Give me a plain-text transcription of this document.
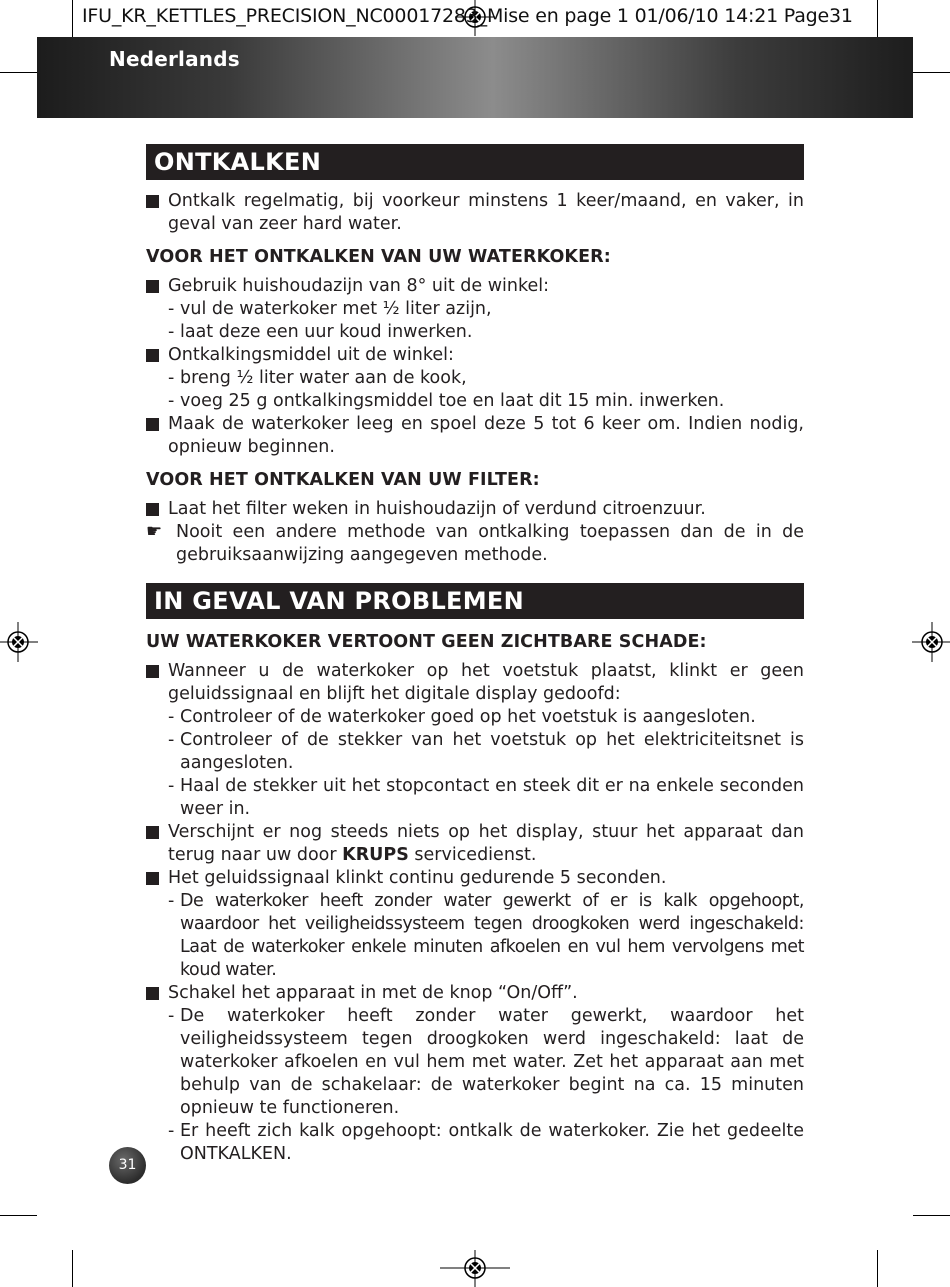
IFU_KR_KETTLES_PRECISION_NC00017283_Mise en page 1 01/06/10 14:21 Page31
Nederlands
ONTKALKEN
Ontkalk regelmatig, bij voorkeur minstens 1 keer/maand, en vaker, in geval van zeer hard water.
VOOR HET ONTKALKEN VAN UW WATERKOKER:
Gebruik huishoudazijn van 8° uit de winkel:
- vul de waterkoker met ½ liter azijn,
- laat deze een uur koud inwerken.
Ontkalkingsmiddel uit de winkel:
- breng ½ liter water aan de kook,
- voeg 25 g ontkalkingsmiddel toe en laat dit 15 min. inwerken.
Maak de waterkoker leeg en spoel deze 5 tot 6 keer om. Indien nodig, opnieuw beginnen.
VOOR HET ONTKALKEN VAN UW FILTER:
Laat het filter weken in huishoudazijn of verdund citroenzuur.
☛ Nooit een andere methode van ontkalking toepassen dan de in de gebruiksaanwijzing aangegeven methode.
IN GEVAL VAN PROBLEMEN
UW WATERKOKER VERTOONT GEEN ZICHTBARE SCHADE:
Wanneer u de waterkoker op het voetstuk plaatst, klinkt er geen geluidssignaal en blijft het digitale display gedoofd:
- Controleer of de waterkoker goed op het voetstuk is aangesloten.
- Controleer of de stekker van het voetstuk op het elektriciteitsnet is aangesloten.
- Haal de stekker uit het stopcontact en steek dit er na enkele seconden weer in.
Verschijnt er nog steeds niets op het display, stuur het apparaat dan terug naar uw door KRUPS servicedienst.
Het geluidssignaal klinkt continu gedurende 5 seconden.
- De waterkoker heeft zonder water gewerkt of er is kalk opgehoopt, waardoor het veiligheidssysteem tegen droogkoken werd ingeschakeld: Laat de waterkoker enkele minuten afkoelen en vul hem vervolgens met koud water.
Schakel het apparaat in met de knop “On/Off”.
- De waterkoker heeft zonder water gewerkt, waardoor het veiligheidssysteem tegen droogkoken werd ingeschakeld: laat de waterkoker afkoelen en vul hem met water. Zet het apparaat aan met behulp van de schakelaar: de waterkoker begint na ca. 15 minuten opnieuw te functioneren.
- Er heeft zich kalk opgehoopt: ontkalk de waterkoker. Zie het gedeelte ONTKALKEN.
31
